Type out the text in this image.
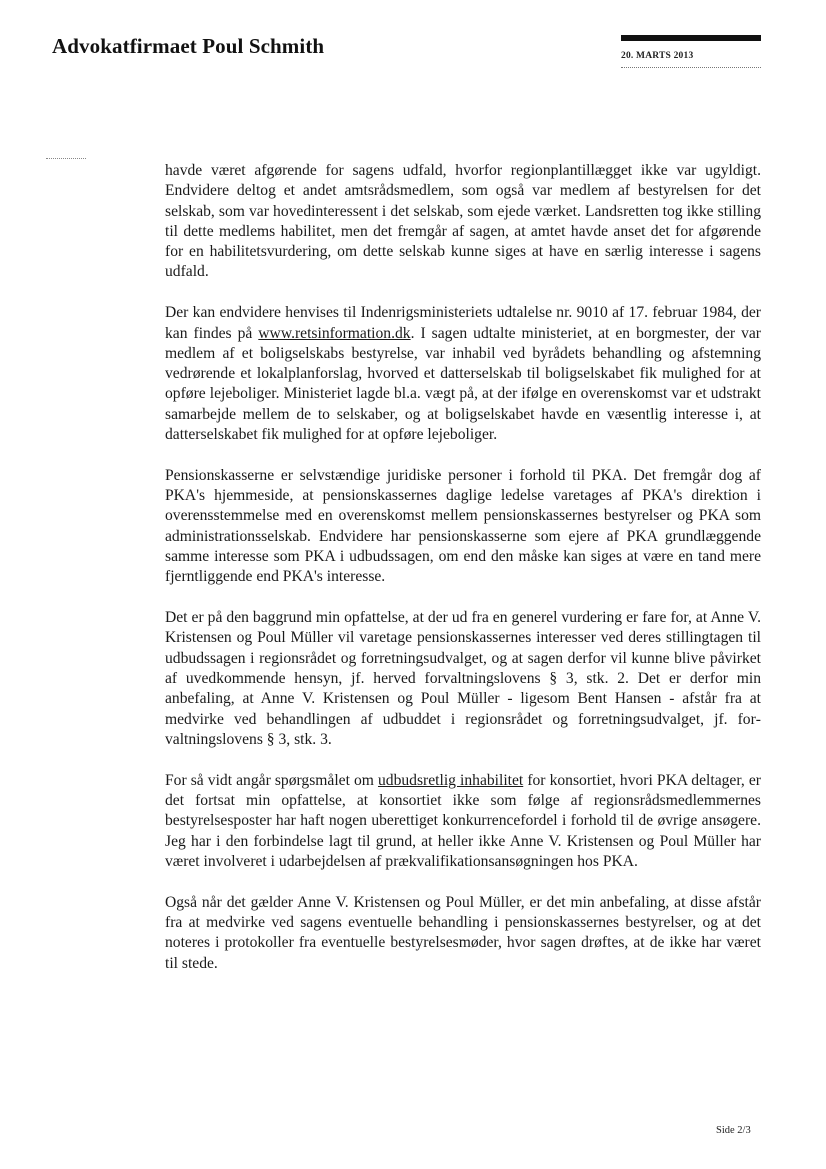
Advokatfirmaet Poul Schmith	20. MARTS 2013

havde været afgørende for sagens udfald, hvorfor regionplantillægget ikke var ugyldigt. Endvidere deltog et andet amtsrådsmedlem, som også var medlem af bestyrelsen for det selskab, som var hovedinteressent i det selskab, som ejede værket. Landsretten tog ikke stilling til dette medlems habilitet, men det fremgår af sagen, at amtet havde anset det for afgørende for en habilitetsvurdering, om dette selskab kunne siges at have en særlig interesse i sagens udfald.

Der kan endvidere henvises til Indenrigsministeriets udtalelse nr. 9010 af 17. februar 1984, der kan findes på www.retsinformation.dk. I sagen udtalte ministeriet, at en borgmester, der var medlem af et boligselskabs bestyrelse, var inhabil ved byrådets behandling og afstemning vedrørende et lokalplanforslag, hvorved et datterselskab til boligselskabet fik mulighed for at opføre lejeboliger. Ministeriet lagde bl.a. vægt på, at der ifølge en overenskomst var et udstrakt samarbejde mellem de to selskaber, og at boligselskabet havde en væsentlig interesse i, at datterselskabet fik mulighed for at opføre lejeboliger.

Pensionskasserne er selvstændige juridiske personer i forhold til PKA. Det fremgår dog af PKA's hjemmeside, at pensionskassernes daglige ledelse varetages af PKA's direktion i overensstemmelse med en overenskomst mellem pensionskassernes bestyrelser og PKA som administrationsselskab. Endvidere har pensionskasserne som ejere af PKA grundlæggende samme interesse som PKA i udbudssagen, om end den måske kan siges at være en tand mere fjerntliggende end PKA's interesse.

Det er på den baggrund min opfattelse, at der ud fra en generel vurdering er fare for, at Anne V. Kristensen og Poul Müller vil varetage pensionskassernes interesser ved deres stillingtagen til udbudssagen i regionsrådet og forretningsudvalget, og at sagen derfor vil kunne blive påvirket af uvedkommende hensyn, jf. herved forvaltningslovens § 3, stk. 2. Det er derfor min anbefaling, at Anne V. Kristensen og Poul Müller - ligesom Bent Hansen - afstår fra at medvirke ved behandlingen af udbuddet i regionsrådet og forretningsudvalget, jf. forvaltningslovens § 3, stk. 3.

For så vidt angår spørgsmålet om udbudsretlig inhabilitet for konsortiet, hvori PKA deltager, er det fortsat min opfattelse, at konsortiet ikke som følge af regionsrådsmedlemmernes bestyrelsesposter har haft nogen uberettiget konkurrencefordel i forhold til de øvrige ansøgere. Jeg har i den forbindelse lagt til grund, at heller ikke Anne V. Kristensen og Poul Müller har været involveret i udarbejdelsen af prækvalifikationsansøgningen hos PKA.

Også når det gælder Anne V. Kristensen og Poul Müller, er det min anbefaling, at disse afstår fra at medvirke ved sagens eventuelle behandling i pensionskassernes bestyrelser, og at det noteres i protokoller fra eventuelle bestyrelsesmøder, hvor sagen drøftes, at de ikke har været til stede.

Side 2/3
